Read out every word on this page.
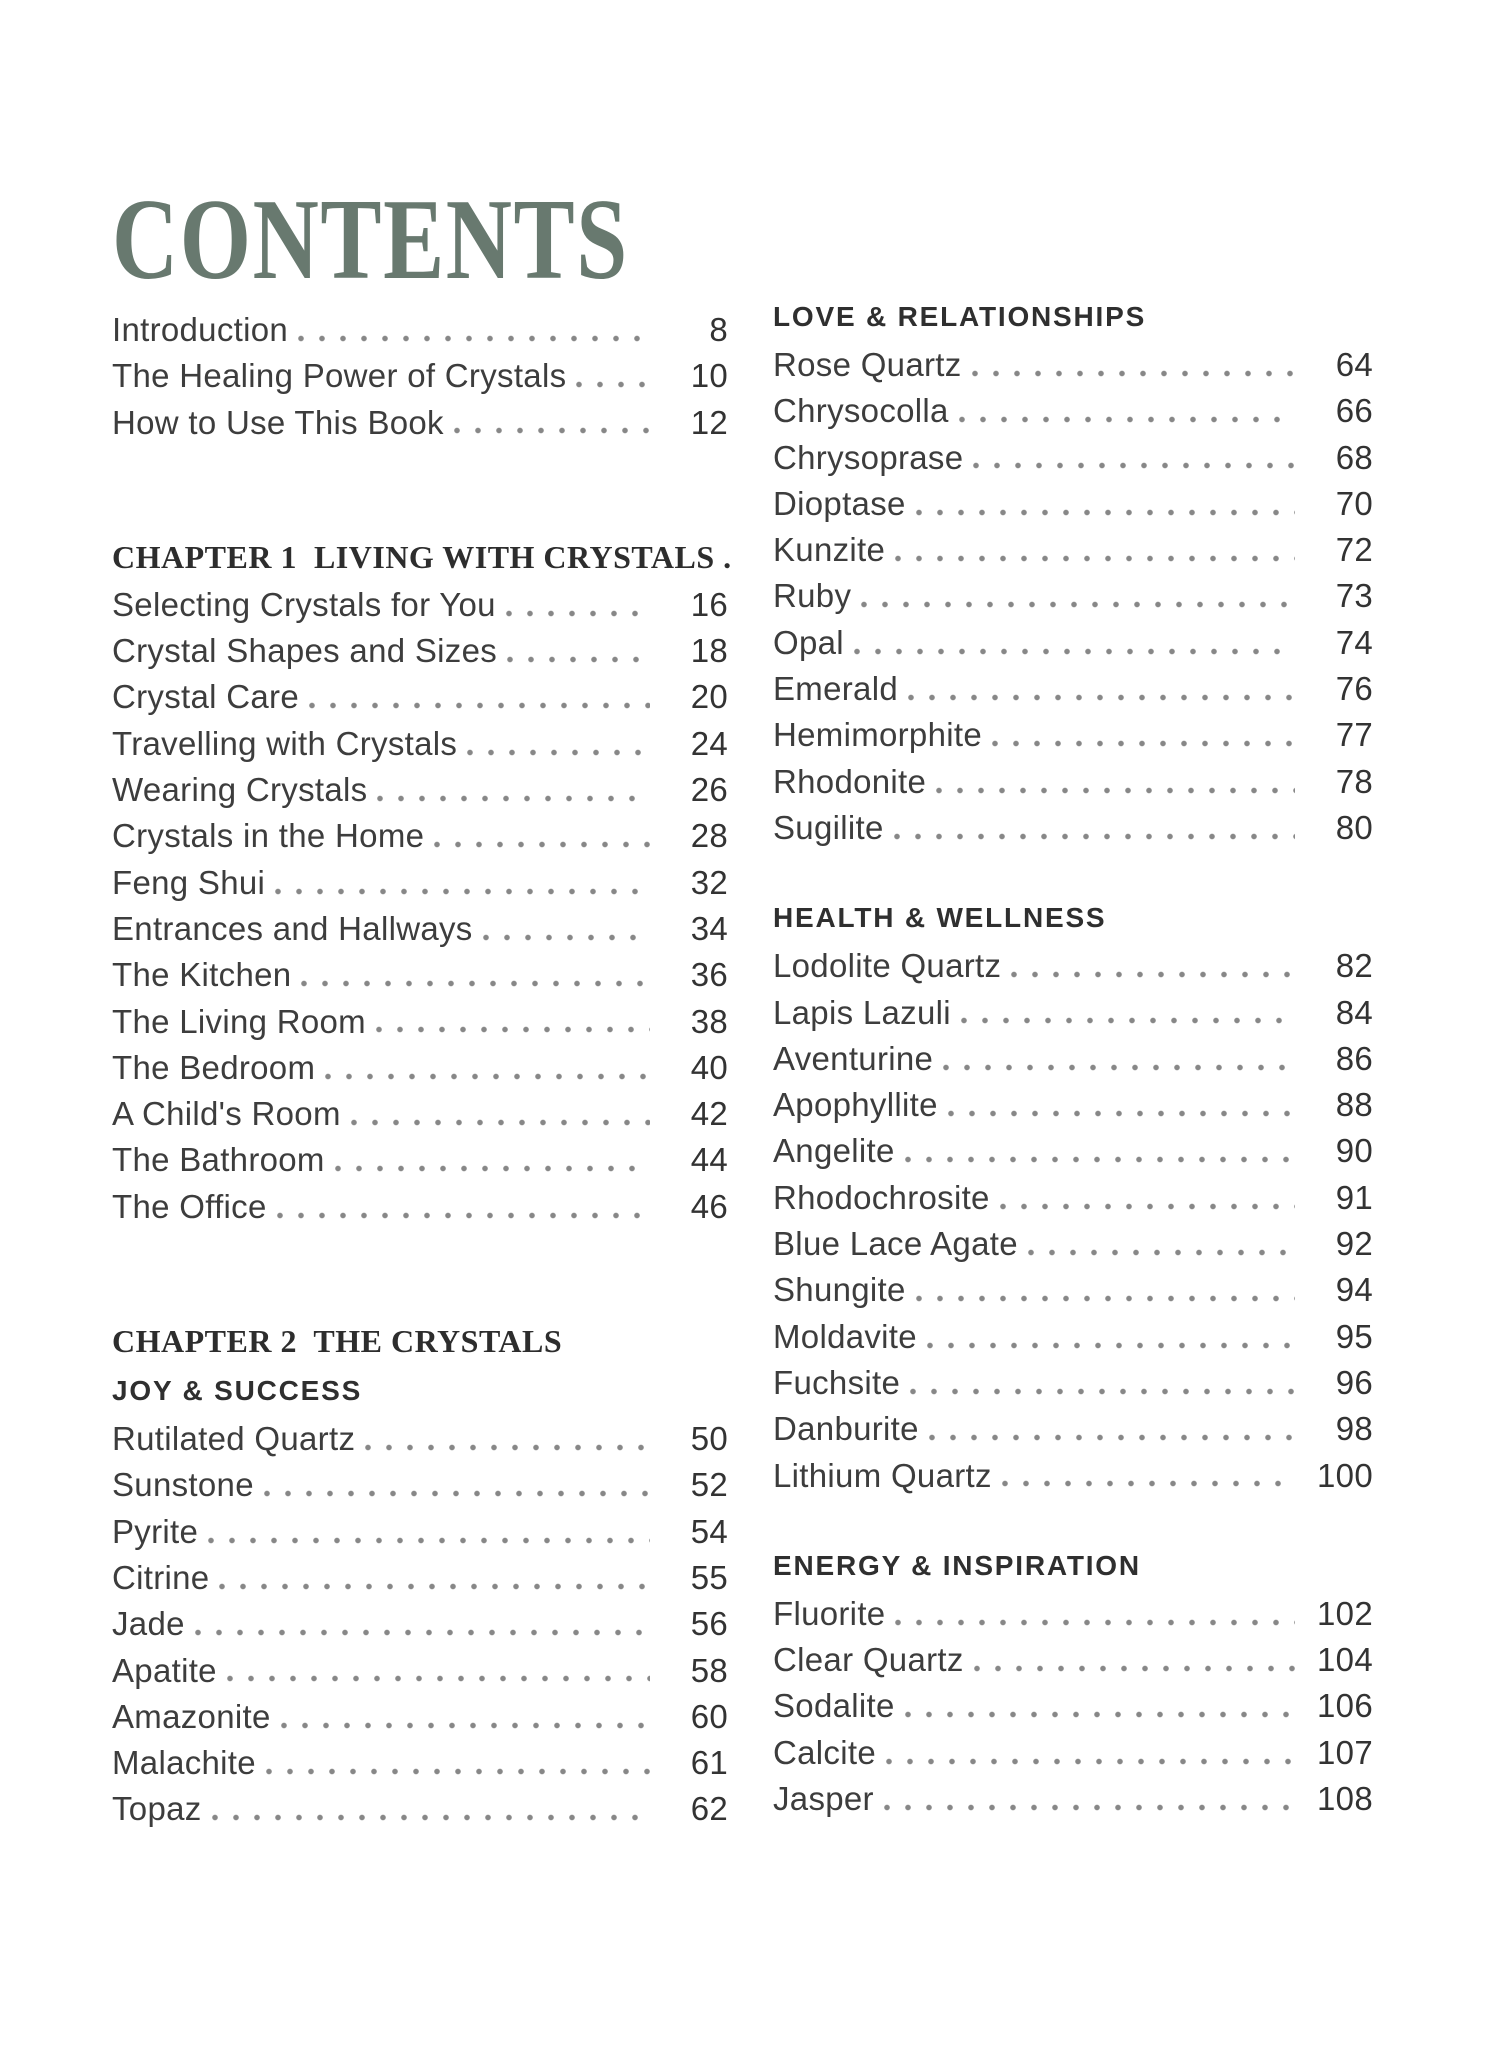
CONTENTS
Introduction	8
The Healing Power of Crystals	10
How to Use This Book	12
CHAPTER 1  LIVING WITH CRYSTALS .
Selecting Crystals for You	16
Crystal Shapes and Sizes	18
Crystal Care	20
Travelling with Crystals	24
Wearing Crystals	26
Crystals in the Home	28
Feng Shui	32
Entrances and Hallways	34
The Kitchen	36
The Living Room	38
The Bedroom	40
A Child's Room	42
The Bathroom	44
The Office	46
CHAPTER 2  THE CRYSTALS
JOY & SUCCESS
Rutilated Quartz	50
Sunstone	52
Pyrite	54
Citrine	55
Jade	56
Apatite	58
Amazonite	60
Malachite	61
Topaz	62
LOVE & RELATIONSHIPS
Rose Quartz	64
Chrysocolla	66
Chrysoprase	68
Dioptase	70
Kunzite	72
Ruby	73
Opal	74
Emerald	76
Hemimorphite	77
Rhodonite	78
Sugilite	80
HEALTH & WELLNESS
Lodolite Quartz	82
Lapis Lazuli	84
Aventurine	86
Apophyllite	88
Angelite	90
Rhodochrosite	91
Blue Lace Agate	92
Shungite	94
Moldavite	95
Fuchsite	96
Danburite	98
Lithium Quartz	100
ENERGY & INSPIRATION
Fluorite	102
Clear Quartz	104
Sodalite	106
Calcite	107
Jasper	108
